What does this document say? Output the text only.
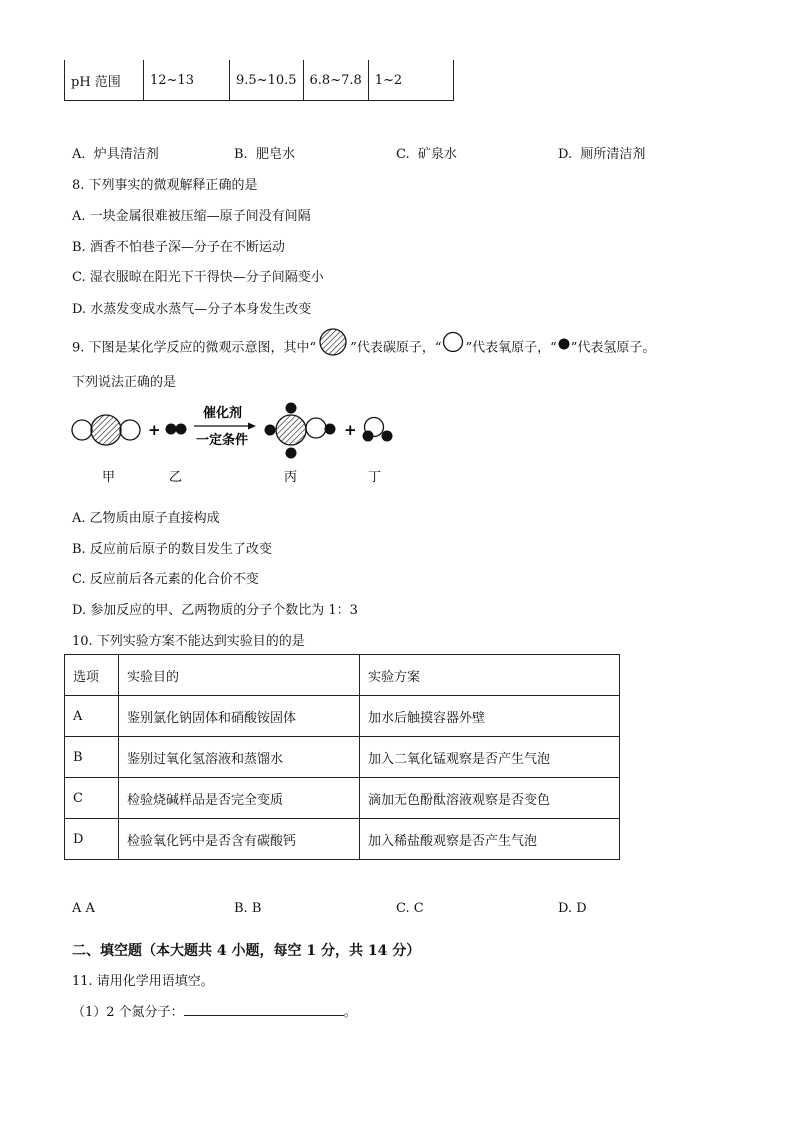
pH 范围	12~13	9.5~10.5	6.8~7.8	1~2
A. 炉具清洁剂	B. 肥皂水	C. 矿泉水	D. 厕所清洁剂
8. 下列事实的微观解释正确的是
A. 一块金属很难被压缩—原子间没有间隔
B. 酒香不怕巷子深—分子在不断运动
C. 湿衣服晾在阳光下干得快—分子间隔变小
D. 水蒸发变成水蒸气—分子本身发生改变
9. 下图是某化学反应的微观示意图，其中“	”代表碳原子，“ ”代表氧原子，“ ”代表氢原子。
下列说法正确的是
+
催化剂
一定条件
+
甲	乙	丙	丁
A. 乙物质由原子直接构成
B. 反应前后原子的数目发生了改变
C. 反应前后各元素的化合价不变
D. 参加反应的甲、乙两物质的分子个数比为 1：3
10. 下列实验方案不能达到实验目的的是
选项	实验目的	实验方案
A	鉴别氯化钠固体和硝酸铵固体	加水后触摸容器外壁
B	鉴别过氧化氢溶液和蒸馏水	加入二氧化锰观察是否产生气泡
C	检验烧碱样品是否完全变质	滴加无色酚酞溶液观察是否变色
D	检验氧化钙中是否含有碳酸钙	加入稀盐酸观察是否产生气泡
A A	B. B	C. C	D. D
二、填空题（本大题共 4 小题，每空 1 分，共 14 分）
11. 请用化学用语填空。
（1）2 个氮分子：	。
